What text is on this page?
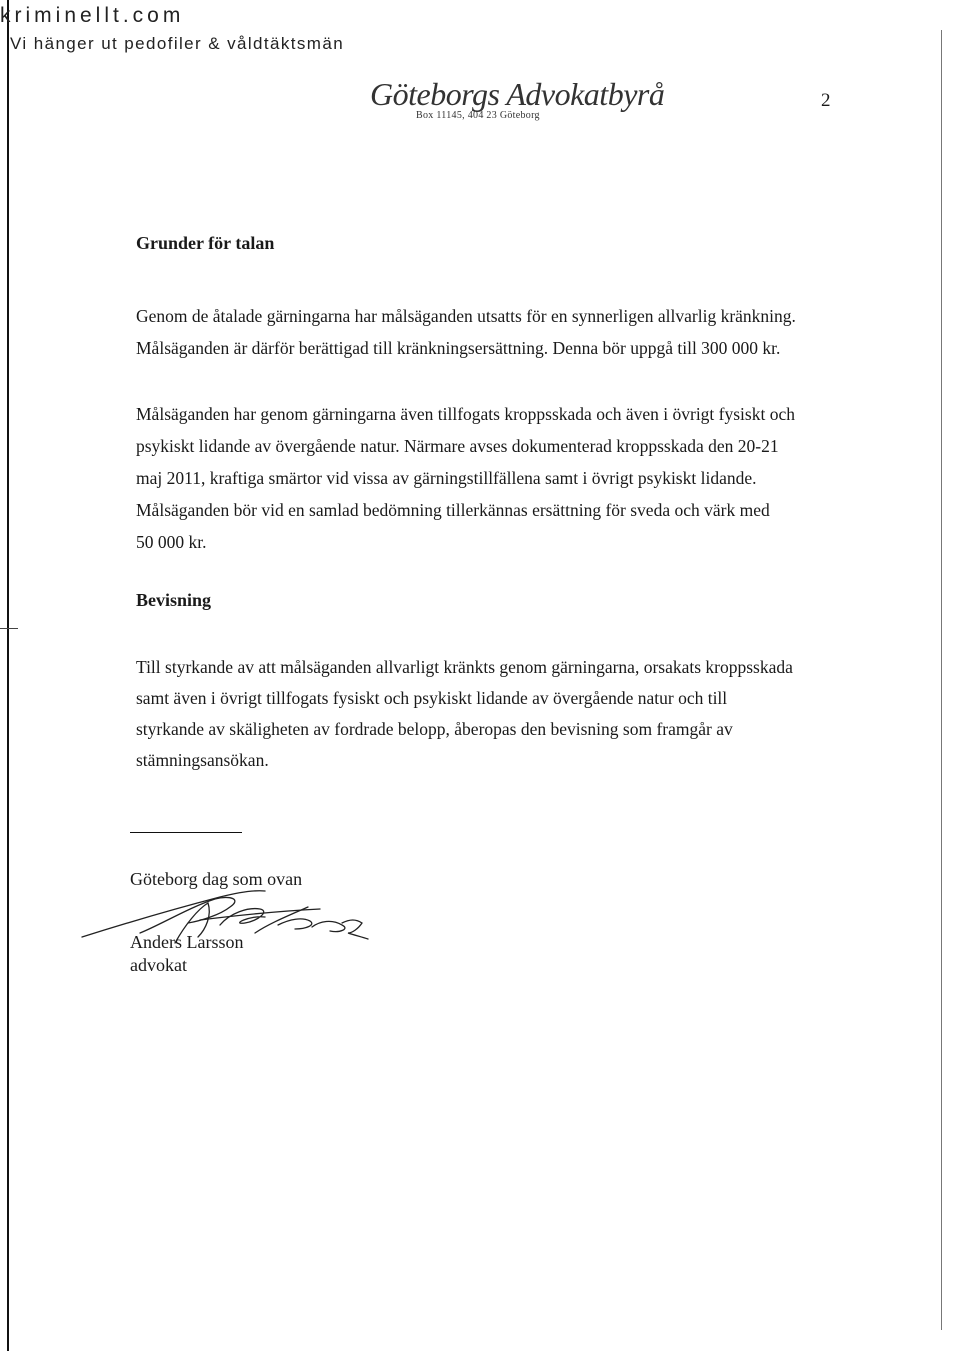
kriminellt.com
Vi hänger ut pedofiler & våldtäktsmän
Göteborgs Advokatbyrå
Box 11145, 404 23 Göteborg
2
Grunder för talan
Genom de åtalade gärningarna har målsäganden utsatts för en synnerligen allvarlig kränkning.
Målsäganden är därför berättigad till kränkningsersättning. Denna bör uppgå till 300 000 kr.
Målsäganden har genom gärningarna även tillfogats kroppsskada och även i övrigt fysiskt och
psykiskt lidande av övergående natur. Närmare avses dokumenterad kroppsskada den 20-21
maj 2011, kraftiga smärtor vid vissa av gärningstillfällena samt i övrigt psykiskt lidande.
Målsäganden bör vid en samlad bedömning tillerkännas ersättning för sveda och värk med
50 000 kr.
Bevisning
Till styrkande av att målsäganden allvarligt kränkts genom gärningarna, orsakats kroppsskada
samt även i övrigt tillfogats fysiskt och psykiskt lidande av övergående natur och till
styrkande av skäligheten av fordrade belopp, åberopas den bevisning som framgår av
stämningsansökan.
Göteborg dag som ovan
Anders Larsson
advokat
